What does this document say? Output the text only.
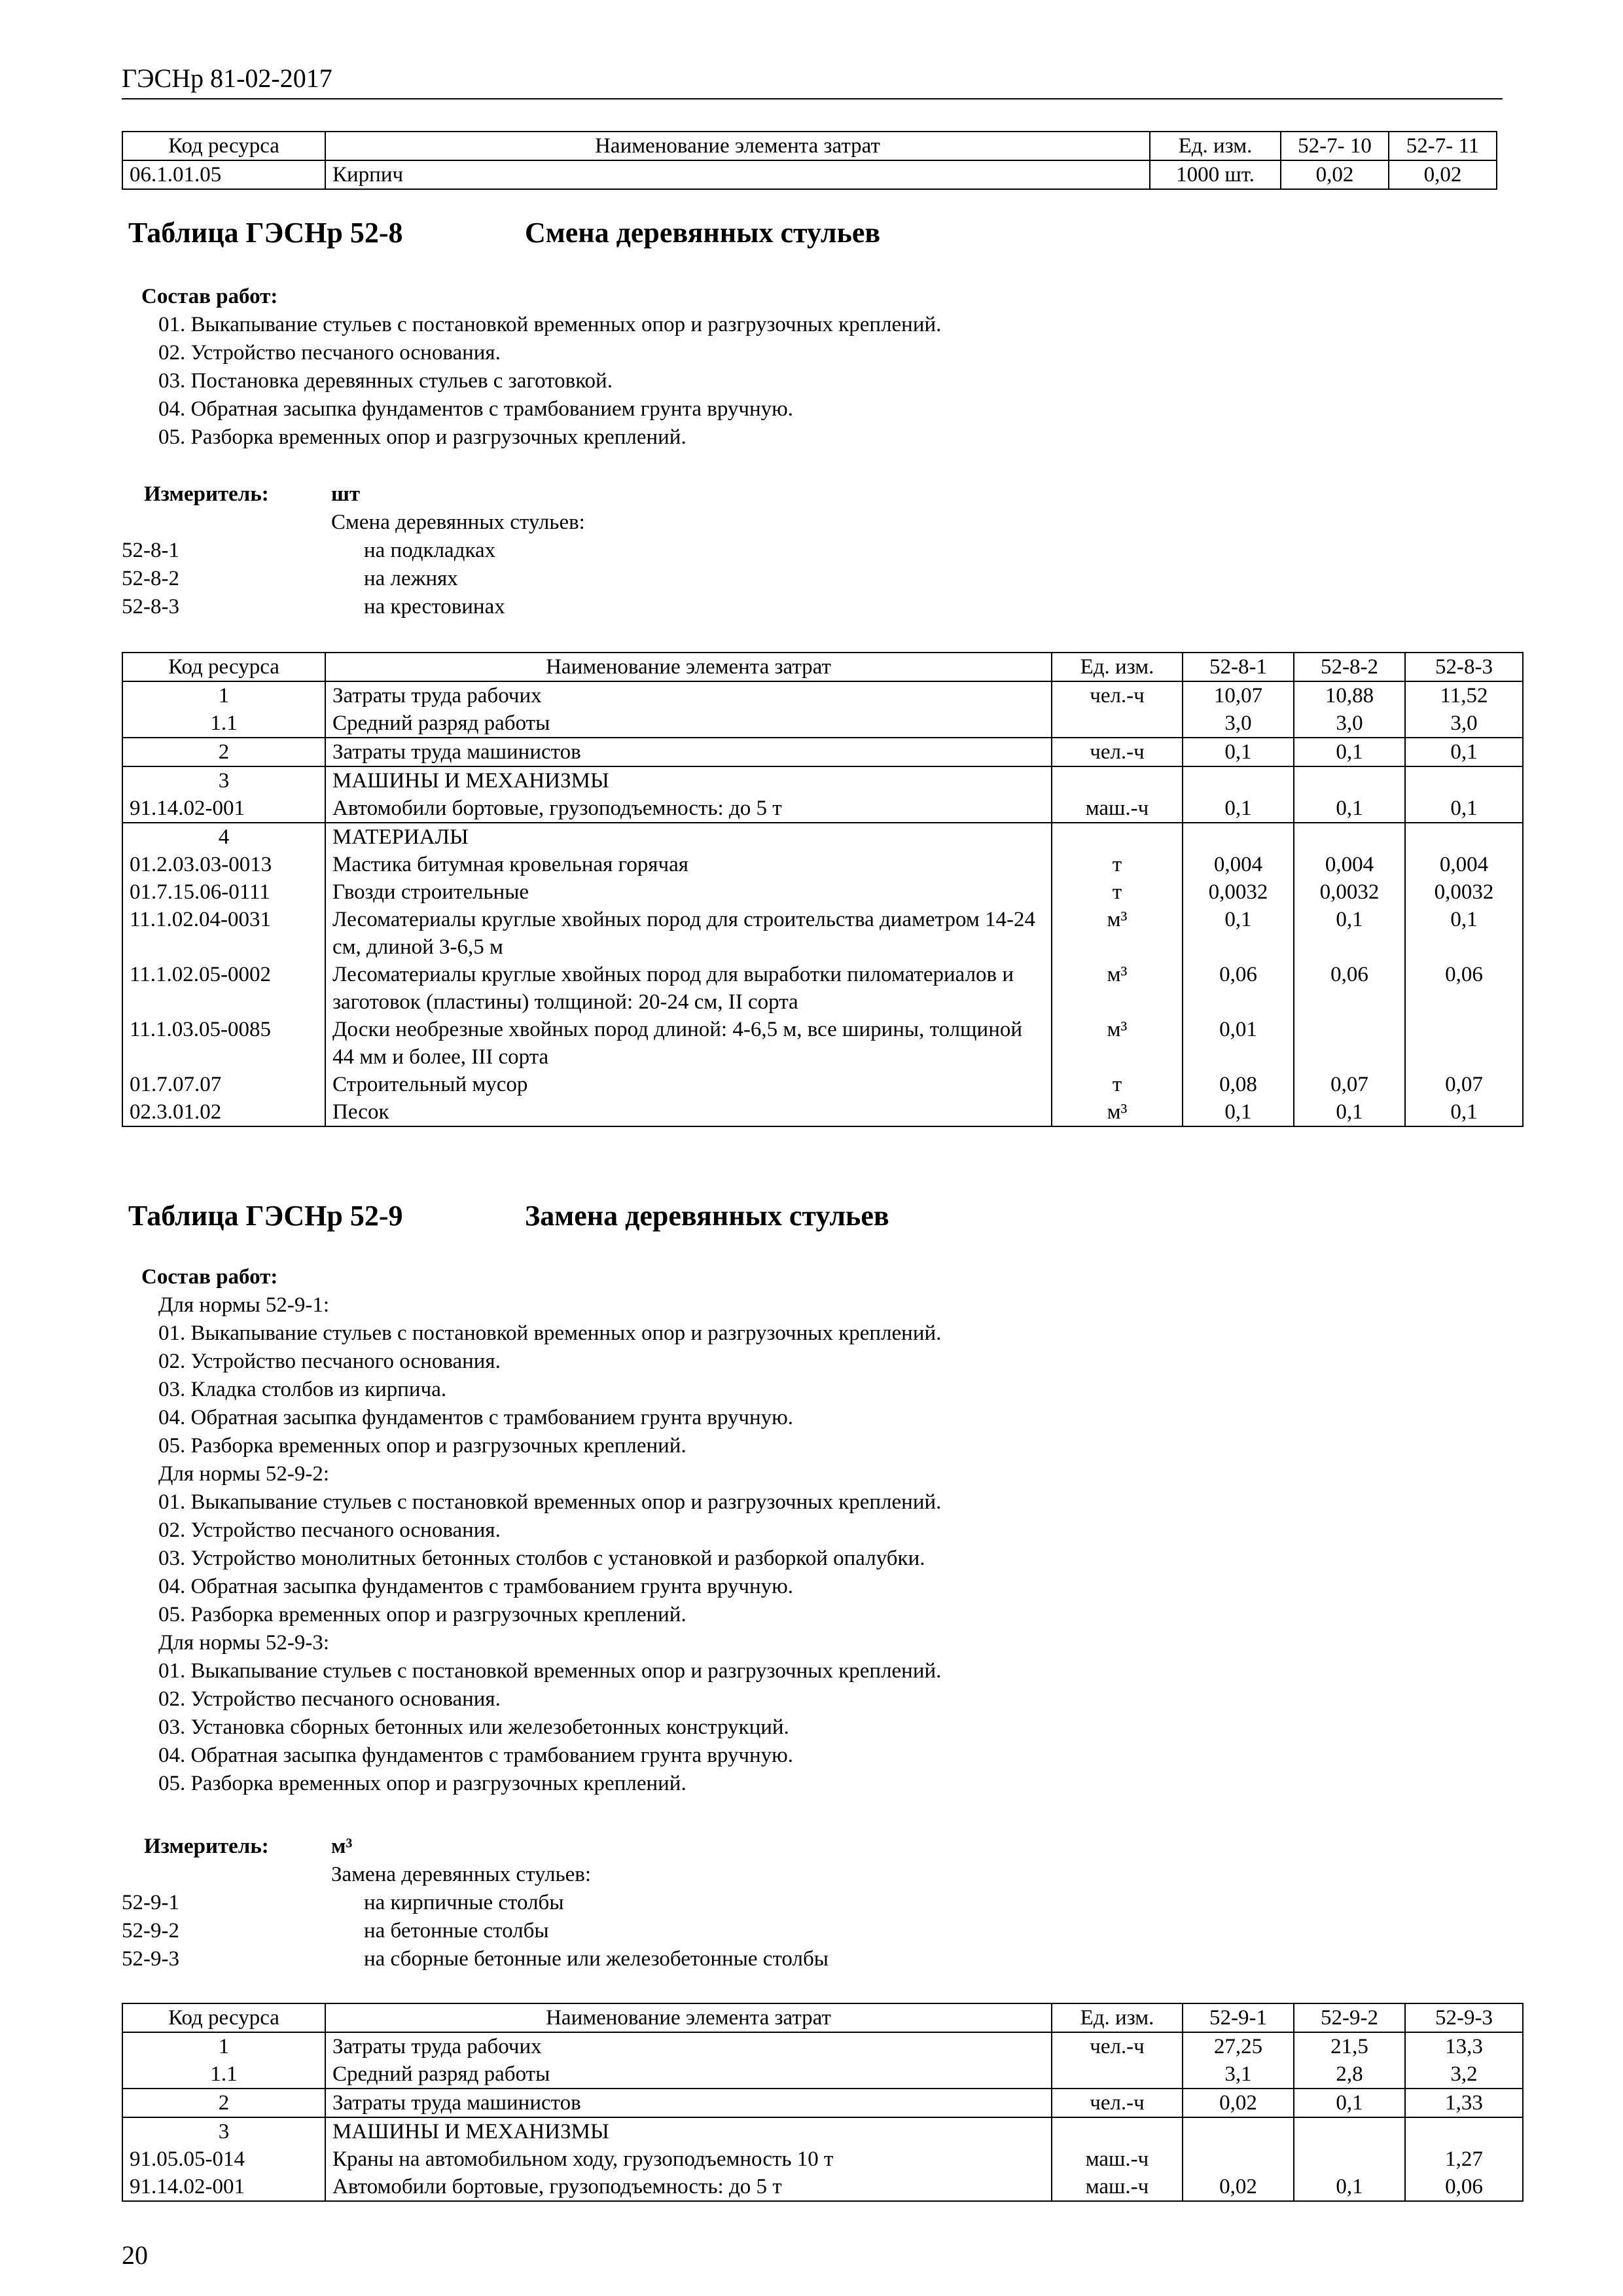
ГЭСНр 81-02-2017
Код ресурса	Наименование элемента затрат	Ед. изм.	52-7- 10	52-7- 11
06.1.01.05	Кирпич	1000 шт.	0,02	0,02
Таблица ГЭСНр 52-8	Смена деревянных стульев
Состав работ:
01. Выкапывание стульев с постановкой временных опор и разгрузочных креплений.
02. Устройство песчаного основания.
03. Постановка деревянных стульев с заготовкой.
04. Обратная засыпка фундаментов с трамбованием грунта вручную.
05. Разборка временных опор и разгрузочных креплений.
Измеритель:	шт
Смена деревянных стульев:
52-8-1	на подкладках
52-8-2	на лежнях
52-8-3	на крестовинах
Код ресурса	Наименование элемента затрат	Ед. изм.	52-8-1	52-8-2	52-8-3
1	Затраты труда рабочих	чел.-ч	10,07	10,88	11,52
1.1	Средний разряд работы		3,0	3,0	3,0
2	Затраты труда машинистов	чел.-ч	0,1	0,1	0,1
3	МАШИНЫ И МЕХАНИЗМЫ				
91.14.02-001	Автомобили бортовые, грузоподъемность: до 5 т	маш.-ч	0,1	0,1	0,1
4	МАТЕРИАЛЫ				
01.2.03.03-0013	Мастика битумная кровельная горячая	т	0,004	0,004	0,004
01.7.15.06-0111	Гвозди строительные	т	0,0032	0,0032	0,0032
11.1.02.04-0031	Лесоматериалы круглые хвойных пород для строительства диаметром 14-24 см, длиной 3-6,5 м	м³	0,1	0,1	0,1
11.1.02.05-0002	Лесоматериалы круглые хвойных пород для выработки пиломатериалов и заготовок (пластины) толщиной: 20-24 см, II сорта	м³	0,06	0,06	0,06
11.1.03.05-0085	Доски необрезные хвойных пород длиной: 4-6,5 м, все ширины, толщиной 44 мм и более, III сорта	м³	0,01		
01.7.07.07	Строительный мусор	т	0,08	0,07	0,07
02.3.01.02	Песок	м³	0,1	0,1	0,1
Таблица ГЭСНр 52-9	Замена деревянных стульев
Состав работ:
Для нормы 52-9-1:
01. Выкапывание стульев с постановкой временных опор и разгрузочных креплений.
02. Устройство песчаного основания.
03. Кладка столбов из кирпича.
04. Обратная засыпка фундаментов с трамбованием грунта вручную.
05. Разборка временных опор и разгрузочных креплений.
Для нормы 52-9-2:
01. Выкапывание стульев с постановкой временных опор и разгрузочных креплений.
02. Устройство песчаного основания.
03. Устройство монолитных бетонных столбов с установкой и разборкой опалубки.
04. Обратная засыпка фундаментов с трамбованием грунта вручную.
05. Разборка временных опор и разгрузочных креплений.
Для нормы 52-9-3:
01. Выкапывание стульев с постановкой временных опор и разгрузочных креплений.
02. Устройство песчаного основания.
03. Установка сборных бетонных или железобетонных конструкций.
04. Обратная засыпка фундаментов с трамбованием грунта вручную.
05. Разборка временных опор и разгрузочных креплений.
Измеритель:	м³
Замена деревянных стульев:
52-9-1	на кирпичные столбы
52-9-2	на бетонные столбы
52-9-3	на сборные бетонные или железобетонные столбы
Код ресурса	Наименование элемента затрат	Ед. изм.	52-9-1	52-9-2	52-9-3
1	Затраты труда рабочих	чел.-ч	27,25	21,5	13,3
1.1	Средний разряд работы		3,1	2,8	3,2
2	Затраты труда машинистов	чел.-ч	0,02	0,1	1,33
3	МАШИНЫ И МЕХАНИЗМЫ				
91.05.05-014	Краны на автомобильном ходу, грузоподъемность 10 т	маш.-ч			1,27
91.14.02-001	Автомобили бортовые, грузоподъемность: до 5 т	маш.-ч	0,02	0,1	0,06
20
